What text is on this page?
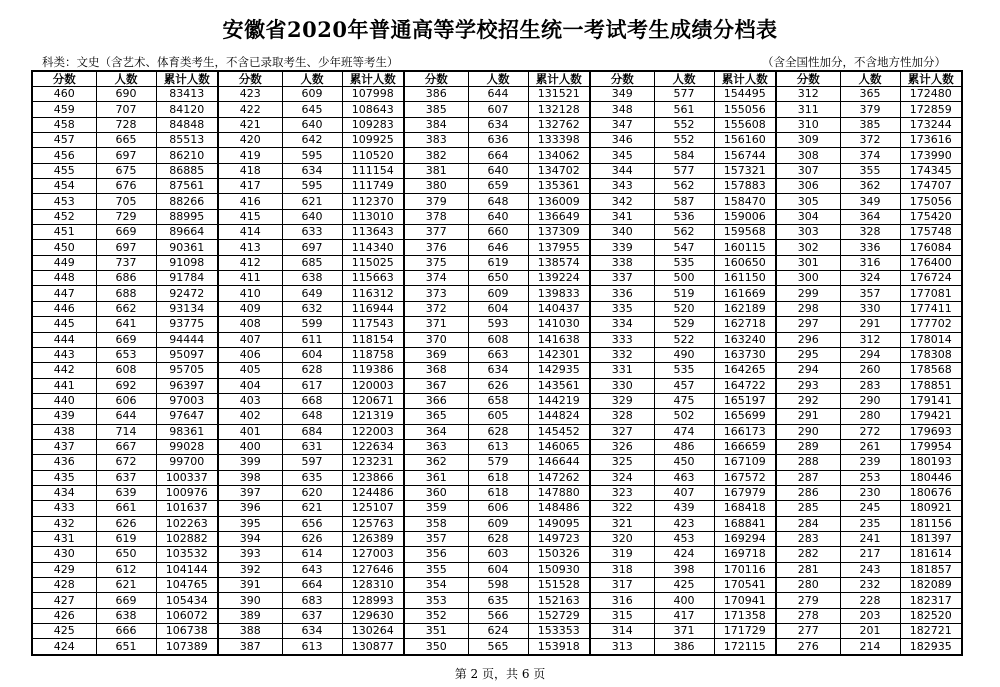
安徽省2020年普通高等学校招生统一考试考生成绩分档表
科类：文史（含艺术、体育类考生，不含已录取考生、少年班等考生）	（含全国性加分，不含地方性加分）
分数	人数	累计人数	分数	人数	累计人数	分数	人数	累计人数	分数	人数	累计人数	分数	人数	累计人数
460	690	83413	423	609	107998	386	644	131521	349	577	154495	312	365	172480
459	707	84120	422	645	108643	385	607	132128	348	561	155056	311	379	172859
458	728	84848	421	640	109283	384	634	132762	347	552	155608	310	385	173244
457	665	85513	420	642	109925	383	636	133398	346	552	156160	309	372	173616
456	697	86210	419	595	110520	382	664	134062	345	584	156744	308	374	173990
455	675	86885	418	634	111154	381	640	134702	344	577	157321	307	355	174345
454	676	87561	417	595	111749	380	659	135361	343	562	157883	306	362	174707
453	705	88266	416	621	112370	379	648	136009	342	587	158470	305	349	175056
452	729	88995	415	640	113010	378	640	136649	341	536	159006	304	364	175420
451	669	89664	414	633	113643	377	660	137309	340	562	159568	303	328	175748
450	697	90361	413	697	114340	376	646	137955	339	547	160115	302	336	176084
449	737	91098	412	685	115025	375	619	138574	338	535	160650	301	316	176400
448	686	91784	411	638	115663	374	650	139224	337	500	161150	300	324	176724
447	688	92472	410	649	116312	373	609	139833	336	519	161669	299	357	177081
446	662	93134	409	632	116944	372	604	140437	335	520	162189	298	330	177411
445	641	93775	408	599	117543	371	593	141030	334	529	162718	297	291	177702
444	669	94444	407	611	118154	370	608	141638	333	522	163240	296	312	178014
443	653	95097	406	604	118758	369	663	142301	332	490	163730	295	294	178308
442	608	95705	405	628	119386	368	634	142935	331	535	164265	294	260	178568
441	692	96397	404	617	120003	367	626	143561	330	457	164722	293	283	178851
440	606	97003	403	668	120671	366	658	144219	329	475	165197	292	290	179141
439	644	97647	402	648	121319	365	605	144824	328	502	165699	291	280	179421
438	714	98361	401	684	122003	364	628	145452	327	474	166173	290	272	179693
437	667	99028	400	631	122634	363	613	146065	326	486	166659	289	261	179954
436	672	99700	399	597	123231	362	579	146644	325	450	167109	288	239	180193
435	637	100337	398	635	123866	361	618	147262	324	463	167572	287	253	180446
434	639	100976	397	620	124486	360	618	147880	323	407	167979	286	230	180676
433	661	101637	396	621	125107	359	606	148486	322	439	168418	285	245	180921
432	626	102263	395	656	125763	358	609	149095	321	423	168841	284	235	181156
431	619	102882	394	626	126389	357	628	149723	320	453	169294	283	241	181397
430	650	103532	393	614	127003	356	603	150326	319	424	169718	282	217	181614
429	612	104144	392	643	127646	355	604	150930	318	398	170116	281	243	181857
428	621	104765	391	664	128310	354	598	151528	317	425	170541	280	232	182089
427	669	105434	390	683	128993	353	635	152163	316	400	170941	279	228	182317
426	638	106072	389	637	129630	352	566	152729	315	417	171358	278	203	182520
425	666	106738	388	634	130264	351	624	153353	314	371	171729	277	201	182721
424	651	107389	387	613	130877	350	565	153918	313	386	172115	276	214	182935
第 2 页，共 6 页
